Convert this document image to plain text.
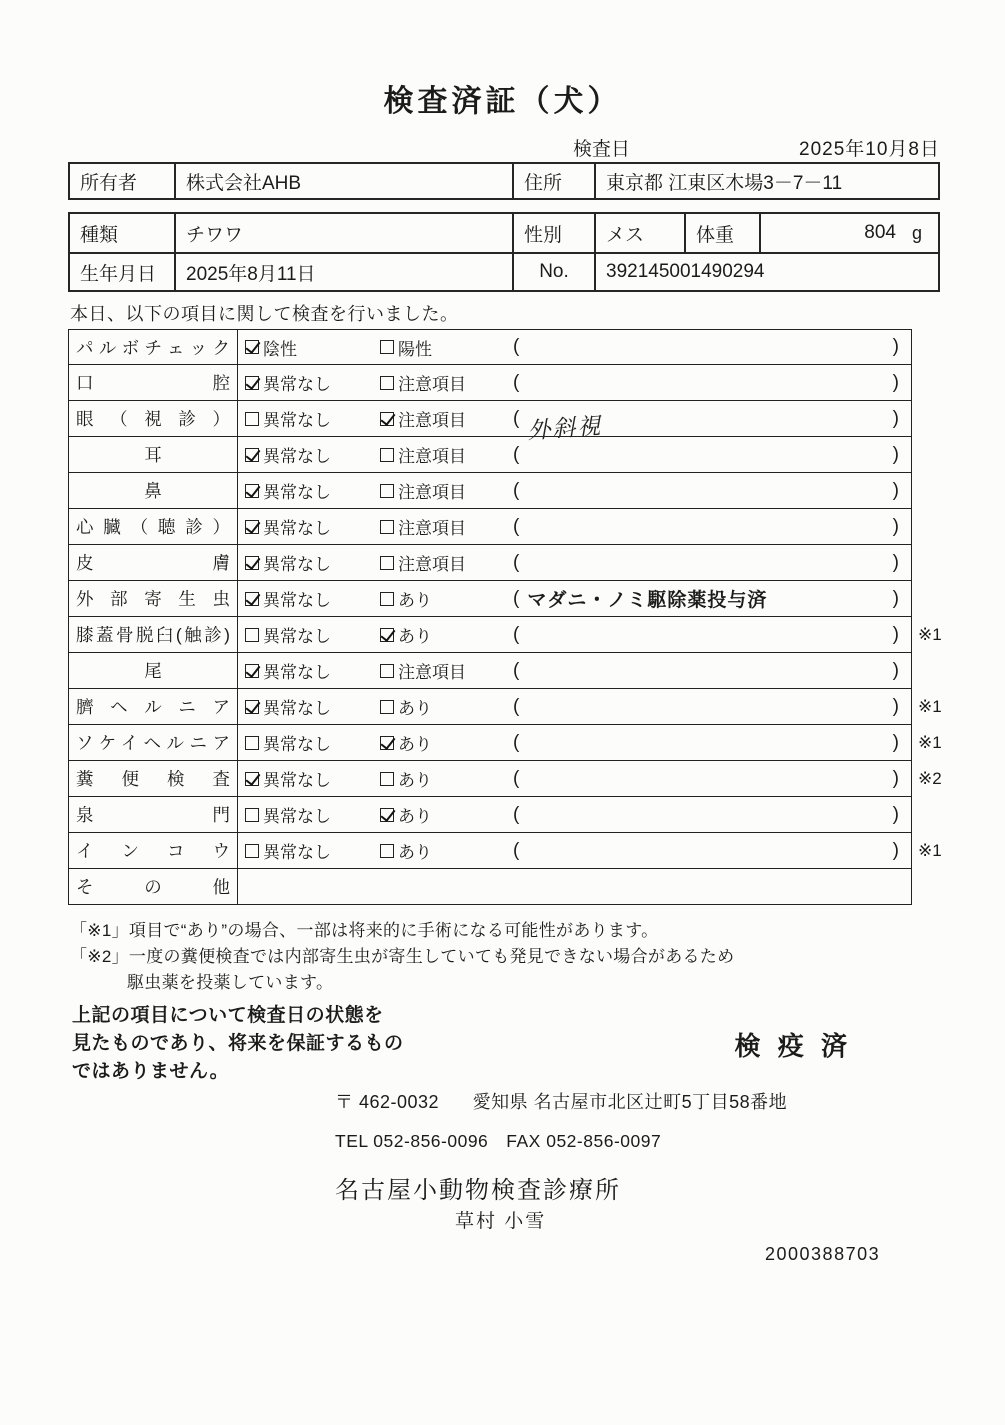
検査済証（犬）
検査日	2025年10月8日
所有者	株式会社AHB	住所	東京都 江東区木場3－7－11
種類	チワワ	性別	メス	体重	804 g
生年月日	2025年8月11日	No.	392145001490294
本日、以下の項目に関して検査を行いました。
パルボチェック 陰性	陽性	(	)
口腔 異常なし	注意項目 (	)
眼（視診） 異常なし	注意項目 ( 外斜視	)
耳	異常なし	注意項目 (	)
鼻	異常なし	注意項目 (	)
心臓（聴診） 異常なし	注意項目 (	)
皮膚 異常なし	注意項目 (	)
外部寄生虫 異常なし	あり	( マダニ・ノミ駆除薬投与済	)
膝蓋骨脱臼(触診) 異常なし	あり	(	)	※1
尾	異常なし	注意項目 (	)
臍ヘルニア 異常なし	あり	(	)	※1
ソケイヘルニア 異常なし	あり	(	)	※1
糞便検査 異常なし	あり	(	)	※2
泉門 異常なし	あり	(	)
インコウ 異常なし	あり	(	)	※1
その他
「※1」項目で“あり”の場合、一部は将来的に手術になる可能性があります。
「※2」一度の糞便検査では内部寄生虫が寄生していても発見できない場合があるため
駆虫薬を投薬しています。
上記の項目について検査日の状態を
見たものであり、将来を保証するもの
ではありません。
検 疫 済
〒 462-0032 愛知県 名古屋市北区辻町5丁目58番地
TEL 052-856-0096　FAX 052-856-0097
名古屋小動物検査診療所
草村 小雪
2000388703
